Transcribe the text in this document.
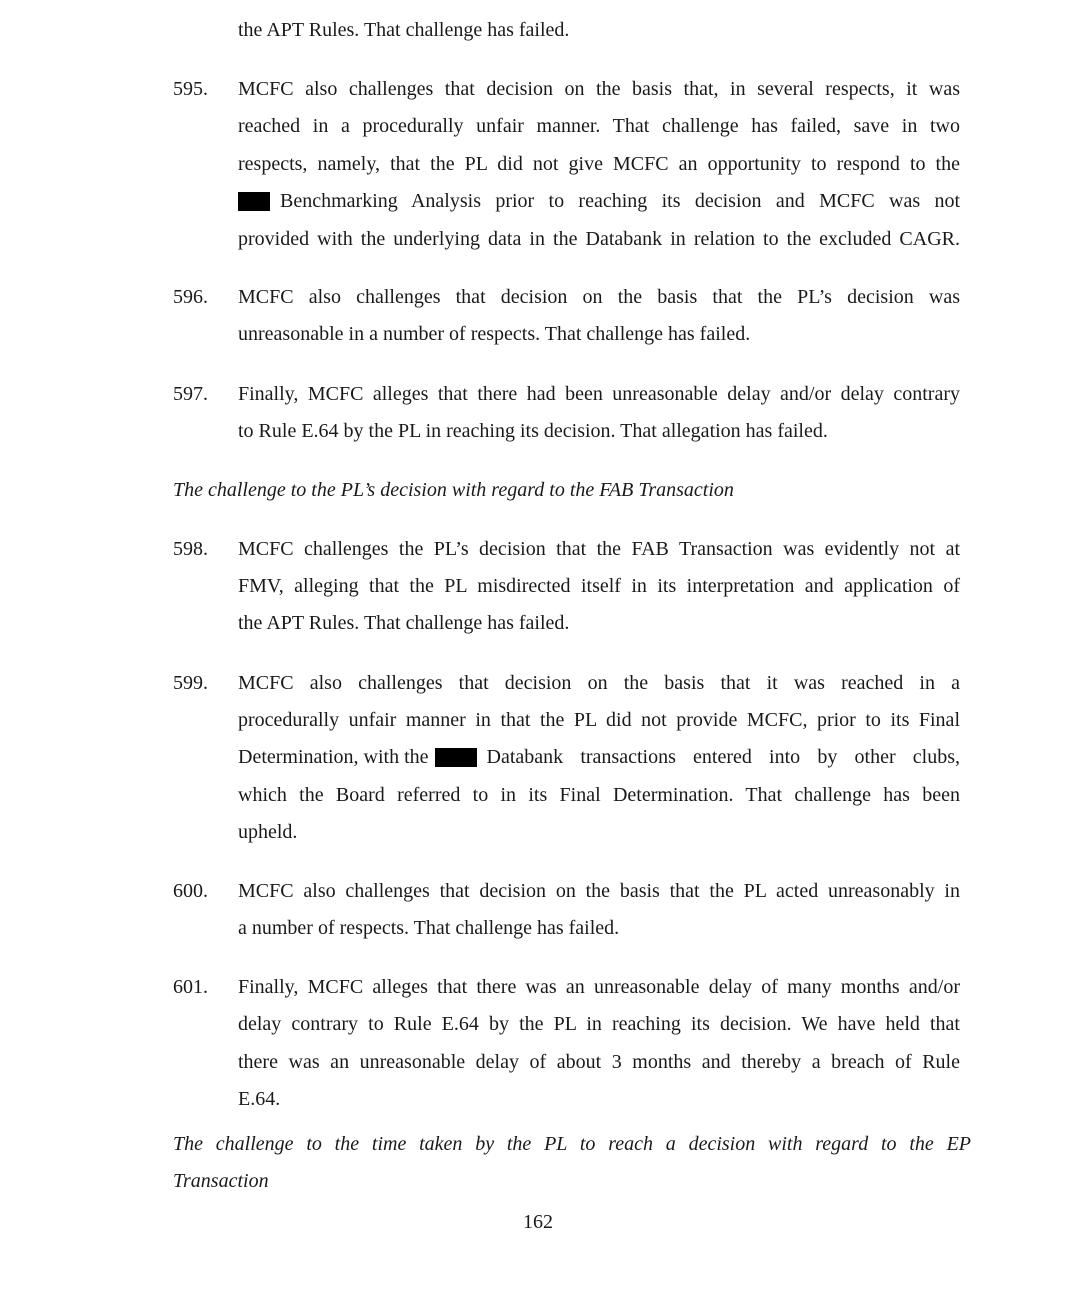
the APT Rules. That challenge has failed.
595. MCFC also challenges that decision on the basis that, in several respects, it was
reached in a procedurally unfair manner. That challenge has failed, save in two
respects, namely, that the PL did not give MCFC an opportunity to respond to the
Benchmarking Analysis prior to reaching its decision and MCFC was not
provided with the underlying data in the Databank in relation to the excluded CAGR.
596. MCFC also challenges that decision on the basis that the PL’s decision was
unreasonable in a number of respects. That challenge has failed.
597. Finally, MCFC alleges that there had been unreasonable delay and/or delay contrary
to Rule E.64 by the PL in reaching its decision. That allegation has failed.
The challenge to the PL’s decision with regard to the FAB Transaction
598. MCFC challenges the PL’s decision that the FAB Transaction was evidently not at
FMV, alleging that the PL misdirected itself in its interpretation and application of
the APT Rules. That challenge has failed.
599. MCFC also challenges that decision on the basis that it was reached in a
procedurally unfair manner in that the PL did not provide MCFC, prior to its Final
Determination, with the	Databank transactions entered into by other clubs,
which the Board referred to in its Final Determination. That challenge has been
upheld.
600. MCFC also challenges that decision on the basis that the PL acted unreasonably in
a number of respects. That challenge has failed.
601. Finally, MCFC alleges that there was an unreasonable delay of many months and/or
delay contrary to Rule E.64 by the PL in reaching its decision. We have held that
there was an unreasonable delay of about 3 months and thereby a breach of Rule
E.64.
The challenge to the time taken by the PL to reach a decision with regard to the EP
Transaction
162
